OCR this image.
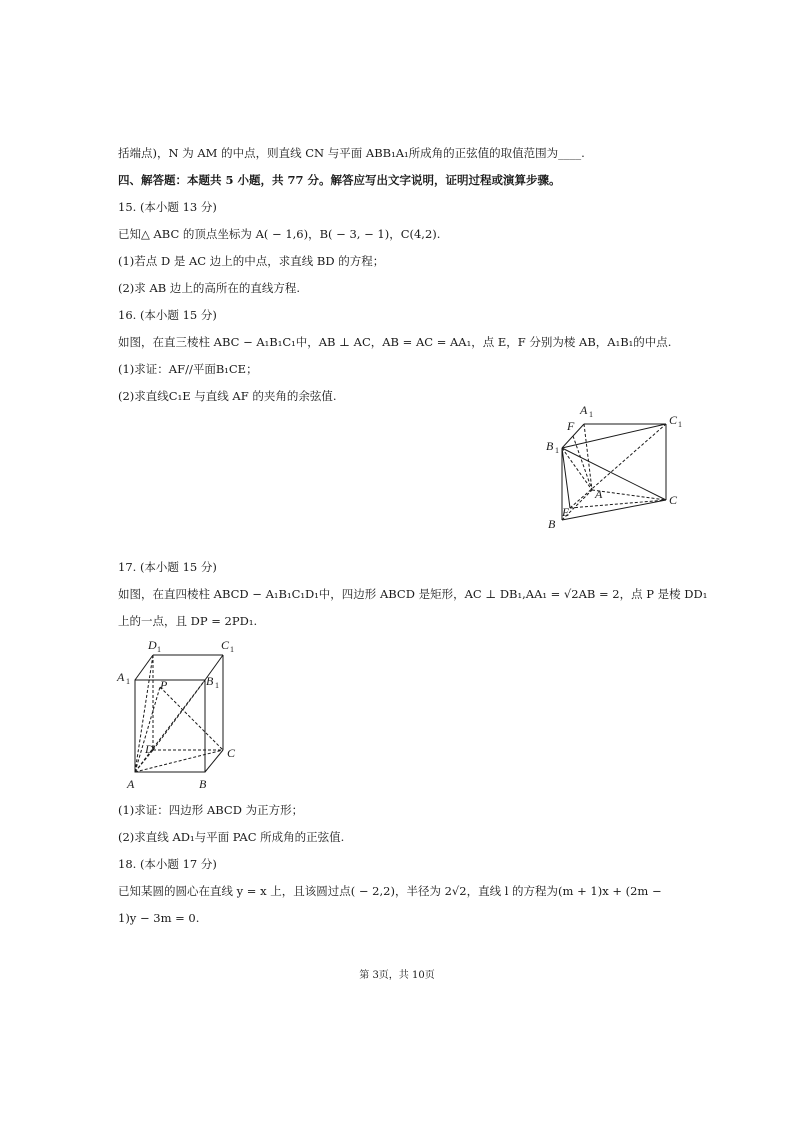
括端点)，N 为 AM 的中点，则直线 CN 与平面 ABB₁A₁所成角的正弦值的取值范围为____.
四、解答题：本题共 5 小题，共 77 分。解答应写出文字说明，证明过程或演算步骤。
15. (本小题 13 分)
已知△ ABC 的顶点坐标为 A( − 1,6)，B( − 3, − 1)，C(4,2).
(1)若点 D 是 AC 边上的中点，求直线 BD 的方程；
(2)求 AB 边上的高所在的直线方程.
16. (本小题 15 分)
如图，在直三棱柱 ABC − A₁B₁C₁中，AB ⊥ AC，AB = AC = AA₁，点 E，F 分别为棱 AB，A₁B₁的中点.
(1)求证：AF//平面B₁CE；
(2)求直线C₁E 与直线 AF 的夹角的余弦值.
A 1	C 1
F
B 1
A	C
E
B
17. (本小题 15 分)
如图，在直四棱柱 ABCD − A₁B₁C₁D₁中，四边形 ABCD 是矩形，AC ⊥ DB₁,AA₁ = √2AB = 2，点 P 是棱 DD₁
上的一点，且 DP = 2PD₁.
D 1	C 1
A 1	P	B 1
D	C
A	B
(1)求证：四边形 ABCD 为正方形；
(2)求直线 AD₁与平面 PAC 所成角的正弦值.
18. (本小题 17 分)
已知某圆的圆心在直线 y = x 上，且该圆过点( − 2,2)，半径为 2√2，直线 l 的方程为(m + 1)x + (2m −
1)y − 3m = 0.
第 3页，共 10页
